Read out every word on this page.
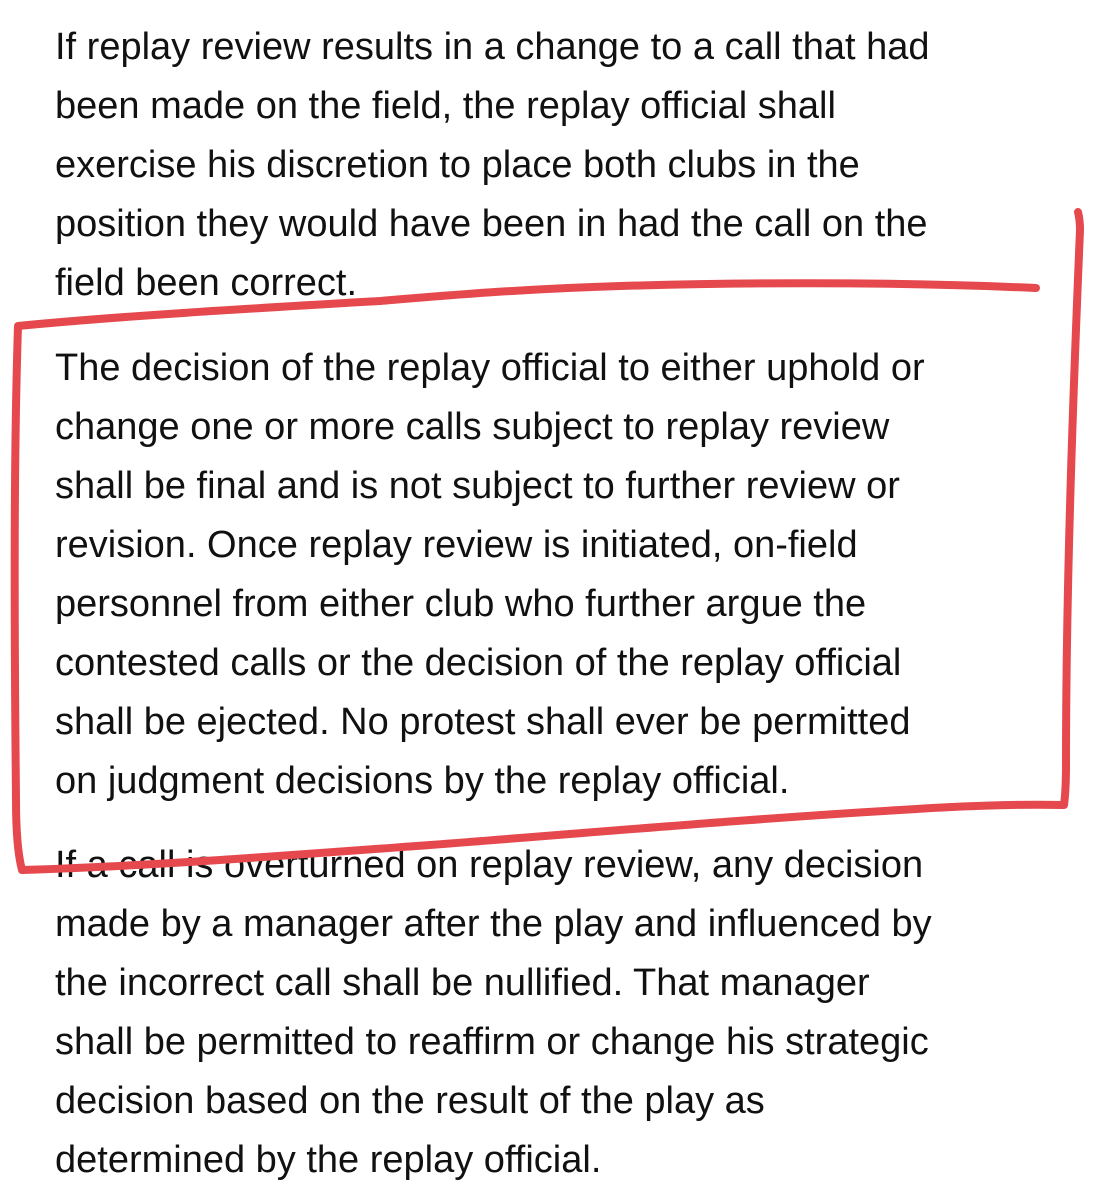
If replay review results in a change to a call that had
been made on the field, the replay official shall
exercise his discretion to place both clubs in the
position they would have been in had the call on the
field been correct.

The decision of the replay official to either uphold or
change one or more calls subject to replay review
shall be final and is not subject to further review or
revision. Once replay review is initiated, on-field
personnel from either club who further argue the
contested calls or the decision of the replay official
shall be ejected. No protest shall ever be permitted
on judgment decisions by the replay official.

If a call is overturned on replay review, any decision
made by a manager after the play and influenced by
the incorrect call shall be nullified. That manager
shall be permitted to reaffirm or change his strategic
decision based on the result of the play as
determined by the replay official.
